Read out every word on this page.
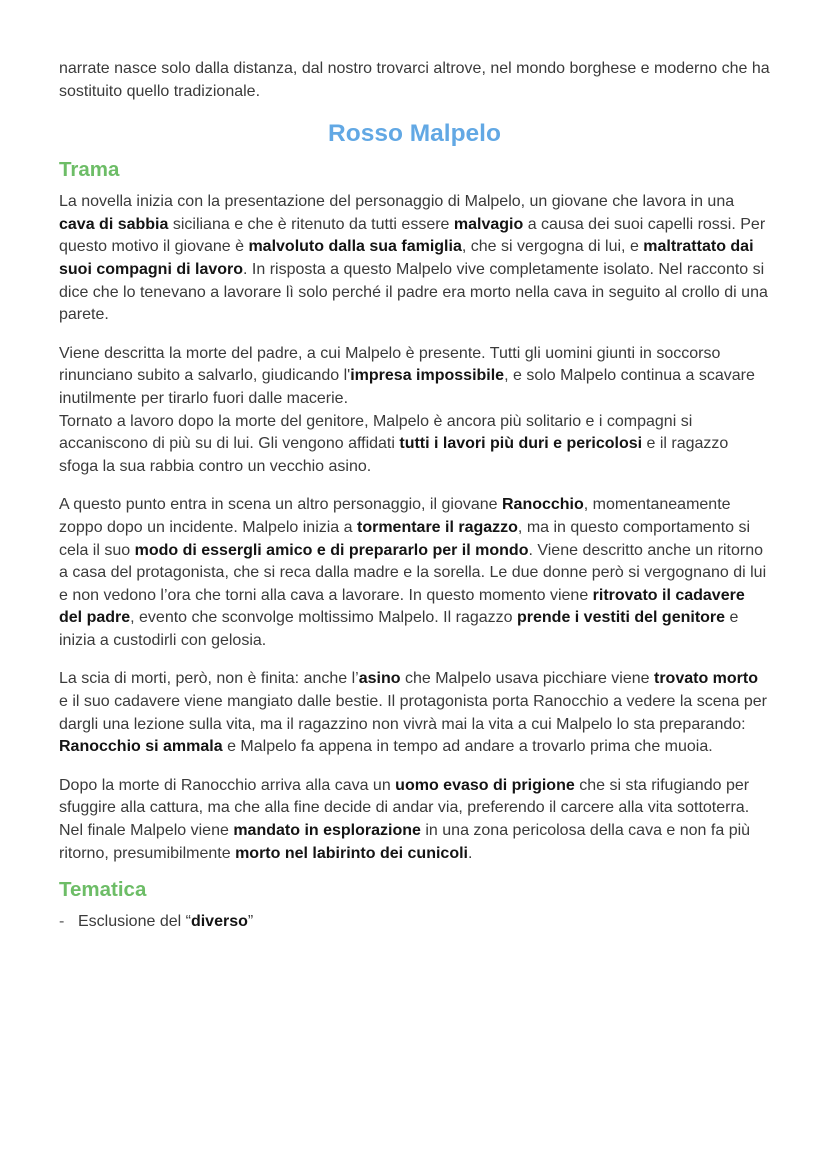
narrate nasce solo dalla distanza, dal nostro trovarci altrove, nel mondo borghese e moderno che ha sostituito quello tradizionale.

Rosso Malpelo
Trama

La novella inizia con la presentazione del personaggio di Malpelo, un giovane che lavora in una cava di sabbia siciliana e che è ritenuto da tutti essere malvagio a causa dei suoi capelli rossi. Per questo motivo il giovane è malvoluto dalla sua famiglia, che si vergogna di lui, e maltrattato dai suoi compagni di lavoro. In risposta a questo Malpelo vive completamente isolato. Nel racconto si dice che lo tenevano a lavorare lì solo perché il padre era morto nella cava in seguito al crollo di una parete.

Viene descritta la morte del padre, a cui Malpelo è presente. Tutti gli uomini giunti in soccorso rinunciano subito a salvarlo, giudicando l'impresa impossibile, e solo Malpelo continua a scavare inutilmente per tirarlo fuori dalle macerie.

Tornato a lavoro dopo la morte del genitore, Malpelo è ancora più solitario e i compagni si accaniscono di più su di lui. Gli vengono affidati tutti i lavori più duri e pericolosi e il ragazzo sfoga la sua rabbia contro un vecchio asino.

A questo punto entra in scena un altro personaggio, il giovane Ranocchio, momentaneamente zoppo dopo un incidente. Malpelo inizia a tormentare il ragazzo, ma in questo comportamento si cela il suo modo di essergli amico e di prepararlo per il mondo. Viene descritto anche un ritorno a casa del protagonista, che si reca dalla madre e la sorella. Le due donne però si vergognano di lui e non vedono l’ora che torni alla cava a lavorare. In questo momento viene ritrovato il cadavere del padre, evento che sconvolge moltissimo Malpelo. Il ragazzo prende i vestiti del genitore e inizia a custodirli con gelosia.

La scia di morti, però, non è finita: anche l’asino che Malpelo usava picchiare viene trovato morto e il suo cadavere viene mangiato dalle bestie. Il protagonista porta Ranocchio a vedere la scena per dargli una lezione sulla vita, ma il ragazzino non vivrà mai la vita a cui Malpelo lo sta preparando: Ranocchio si ammala e Malpelo fa appena in tempo ad andare a trovarlo prima che muoia.

Dopo la morte di Ranocchio arriva alla cava un uomo evaso di prigione che si sta rifugiando per sfuggire alla cattura, ma che alla fine decide di andar via, preferendo il carcere alla vita sottoterra. Nel finale Malpelo viene mandato in esplorazione in una zona pericolosa della cava e non fa più ritorno, presumibilmente morto nel labirinto dei cunicoli.

Tematica
- Esclusione del “diverso”
